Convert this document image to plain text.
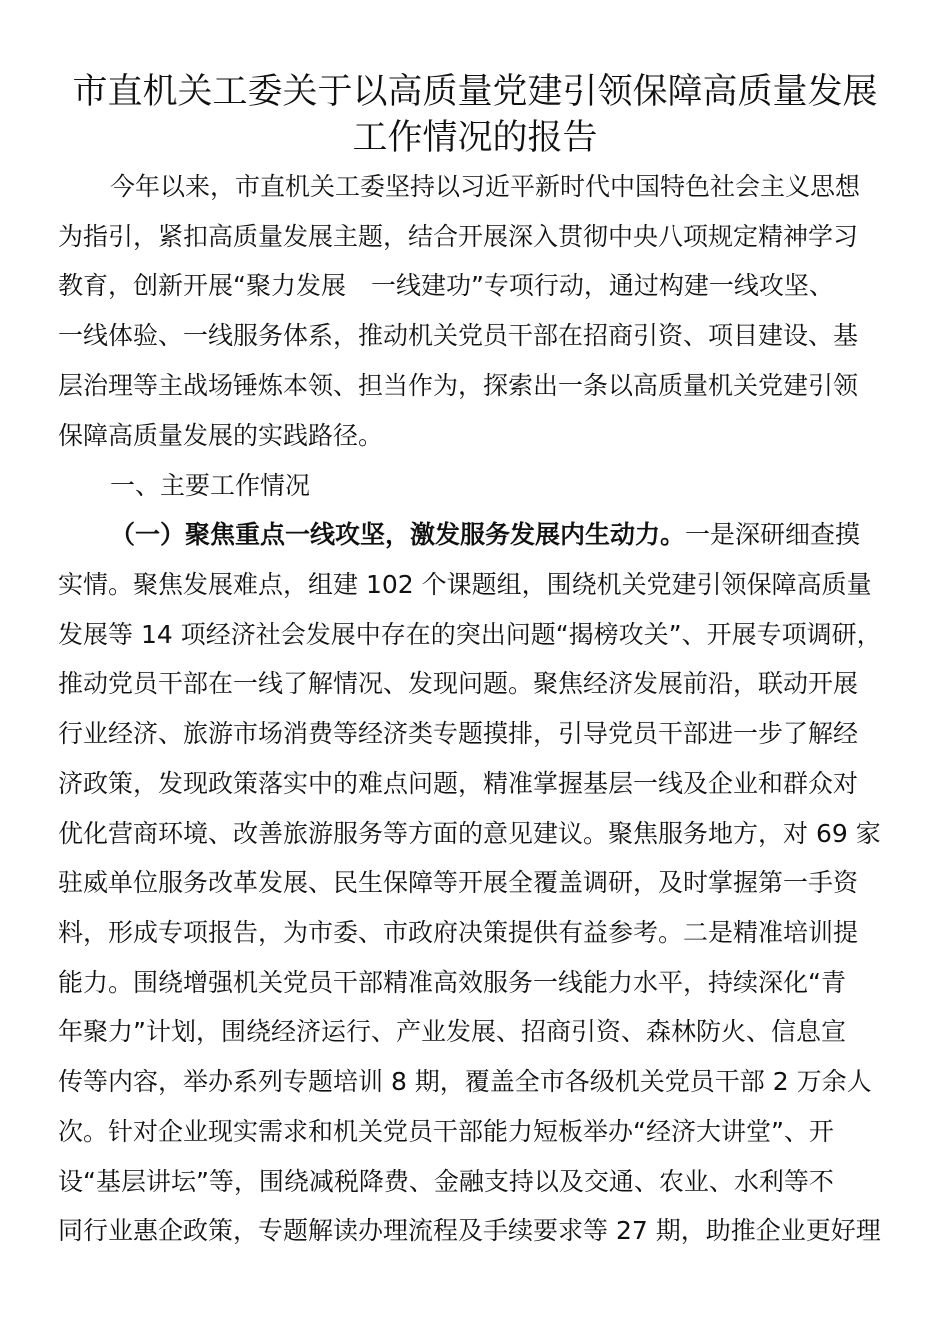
市直机关工委关于以高质量党建引领保障高质量发展
工作情况的报告

今年以来，市直机关工委坚持以习近平新时代中国特色社会主义思想

为指引，紧扣高质量发展主题，结合开展深入贯彻中央八项规定精神学习

教育，创新开展“聚力发展　一线建功”专项行动，通过构建一线攻坚、

一线体验、一线服务体系，推动机关党员干部在招商引资、项目建设、基

层治理等主战场锤炼本领、担当作为，探索出一条以高质量机关党建引领

保障高质量发展的实践路径。

一、主要工作情况

（一）聚焦重点一线攻坚，激发服务发展内生动力。一是深研细查摸

实情。聚焦发展难点，组建 102 个课题组，围绕机关党建引领保障高质量

发展等 14 项经济社会发展中存在的突出问题“揭榜攻关”、开展专项调研，

推动党员干部在一线了解情况、发现问题。聚焦经济发展前沿，联动开展

行业经济、旅游市场消费等经济类专题摸排，引导党员干部进一步了解经

济政策，发现政策落实中的难点问题，精准掌握基层一线及企业和群众对

优化营商环境、改善旅游服务等方面的意见建议。聚焦服务地方，对 69 家

驻威单位服务改革发展、民生保障等开展全覆盖调研，及时掌握第一手资

料，形成专项报告，为市委、市政府决策提供有益参考。二是精准培训提

能力。围绕增强机关党员干部精准高效服务一线能力水平，持续深化“青

年聚力”计划，围绕经济运行、产业发展、招商引资、森林防火、信息宣

传等内容，举办系列专题培训 8 期，覆盖全市各级机关党员干部 2 万余人

次。针对企业现实需求和机关党员干部能力短板举办“经济大讲堂”、开

设“基层讲坛”等，围绕减税降费、金融支持以及交通、农业、水利等不

同行业惠企政策，专题解读办理流程及手续要求等 27 期，助推企业更好理
